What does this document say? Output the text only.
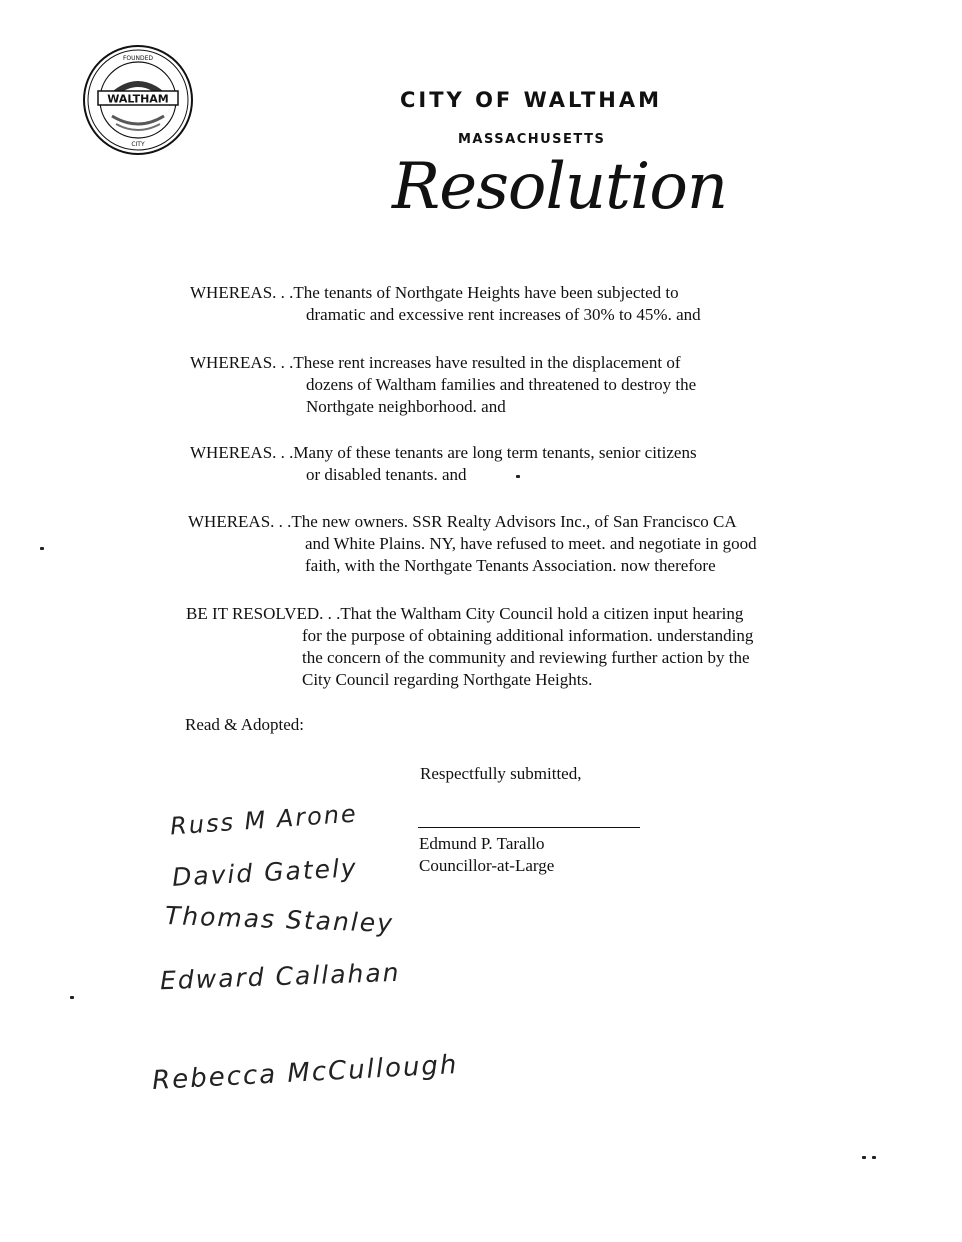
WALTHAM
FOUNDED
CITY
CITY OF WALTHAM
MASSACHUSETTS
Resolution
WHEREAS. . .The tenants of Northgate Heights have been subjected to
dramatic and excessive rent increases of 30% to 45%. and
WHEREAS. . .These rent increases have resulted in the displacement of
dozens of Waltham families and threatened to destroy the
Northgate neighborhood. and
WHEREAS. . .Many of these tenants are long term tenants, senior citizens
or disabled tenants. and
WHEREAS. . .The new owners. SSR Realty Advisors Inc., of San Francisco CA
and White Plains. NY, have refused to meet. and negotiate in good
faith, with the Northgate Tenants Association. now therefore
BE IT RESOLVED. . .That the Waltham City Council hold a citizen input hearing
for the purpose of obtaining additional information. understanding
the concern of the community and reviewing further action by the
City Council regarding Northgate Heights.
Read & Adopted:
Respectfully submitted,
Edmund P. Tarallo
Councillor-at-Large
Russ M Arone
David Gately
Thomas Stanley
Edward Callahan
Rebecca McCullough
